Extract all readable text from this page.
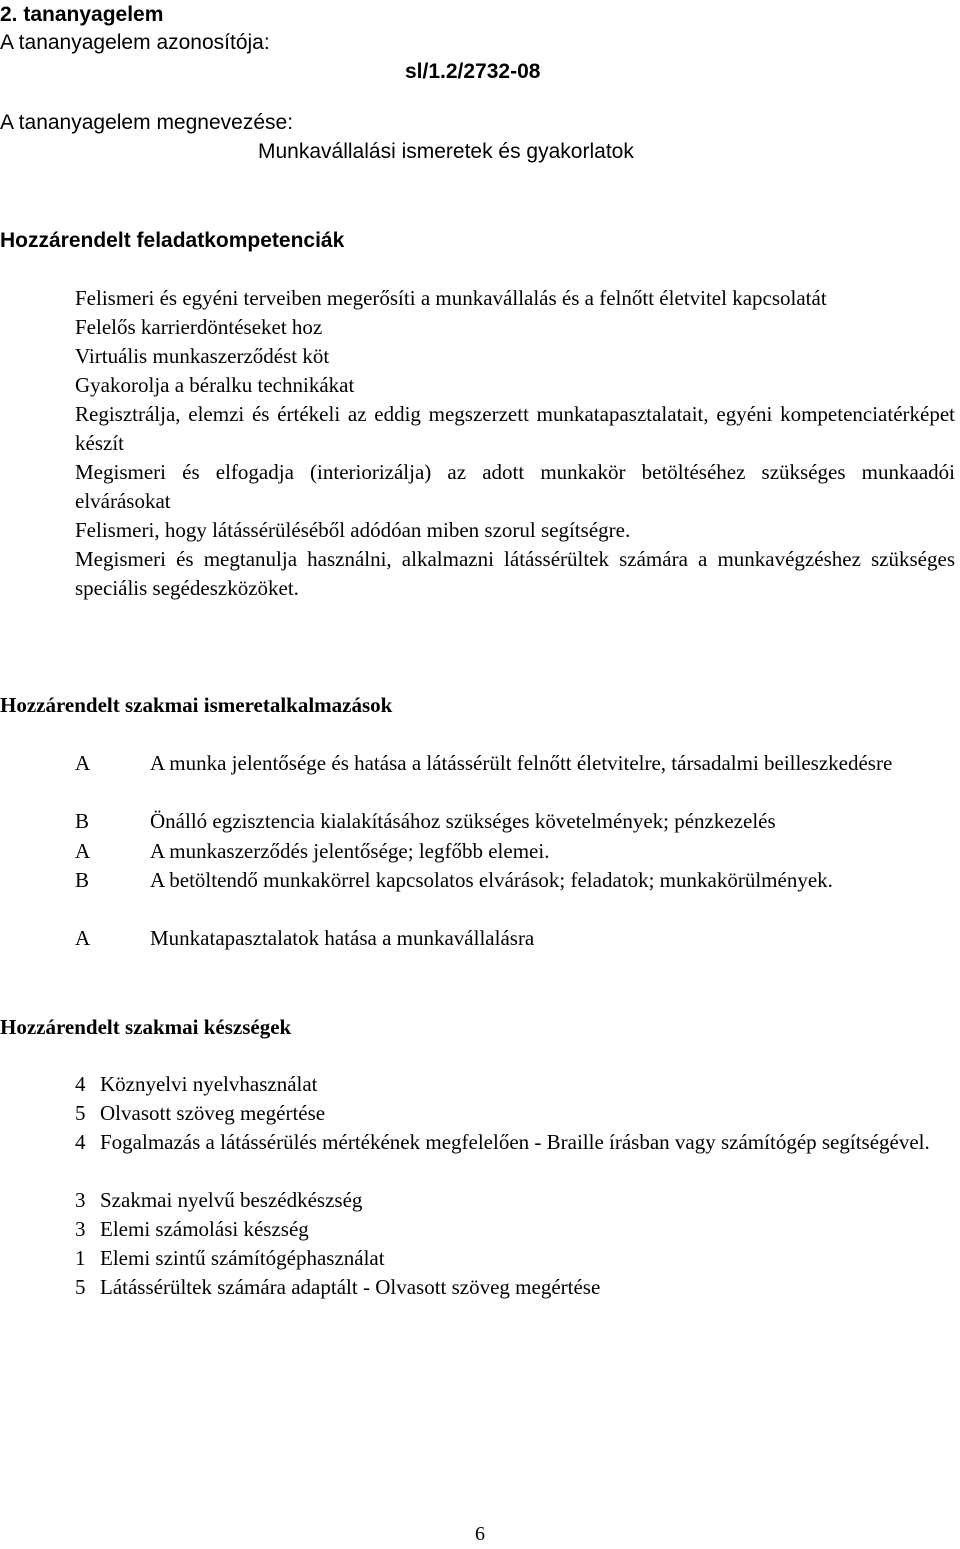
2. tananyagelem
A tananyagelem azonosítója:
sl/1.2/2732-08
A tananyagelem megnevezése:
Munkavállalási ismeretek és gyakorlatok
Hozzárendelt feladatkompetenciák
Felismeri és egyéni terveiben megerősíti a munkavállalás és a felnőtt életvitel kapcsolatát
Felelős karrierdöntéseket hoz
Virtuális munkaszerződést köt
Gyakorolja a béralku technikákat
Regisztrálja, elemzi és értékeli az eddig megszerzett munkatapasztalatait, egyéni kompetenciatérképet készít
Megismeri és elfogadja (interiorizálja) az adott munkakör betöltéséhez szükséges munkaadói elvárásokat
Felismeri, hogy látássérüléséből adódóan miben szorul segítségre.
Megismeri és megtanulja használni, alkalmazni látássérültek számára a munkavégzéshez szükséges speciális segédeszközöket.
Hozzárendelt szakmai ismeretalkalmazások
A	A munka jelentősége és hatása a látássérült felnőtt életvitelre, társadalmi beilleszkedésre
B	Önálló egzisztencia kialakításához szükséges követelmények; pénzkezelés
A	A munkaszerződés jelentősége; legfőbb elemei.
B	A betöltendő munkakörrel kapcsolatos elvárások; feladatok; munkakörülmények.
A	Munkatapasztalatok hatása a munkavállalásra
Hozzárendelt szakmai készségek
4 Köznyelvi nyelvhasználat
5 Olvasott szöveg megértése
4 Fogalmazás a látássérülés mértékének megfelelően - Braille írásban vagy számítógép segítségével.
3 Szakmai nyelvű beszédkészség
3 Elemi számolási készség
1 Elemi szintű számítógéphasználat
5 Látássérültek számára adaptált - Olvasott szöveg megértése
6
